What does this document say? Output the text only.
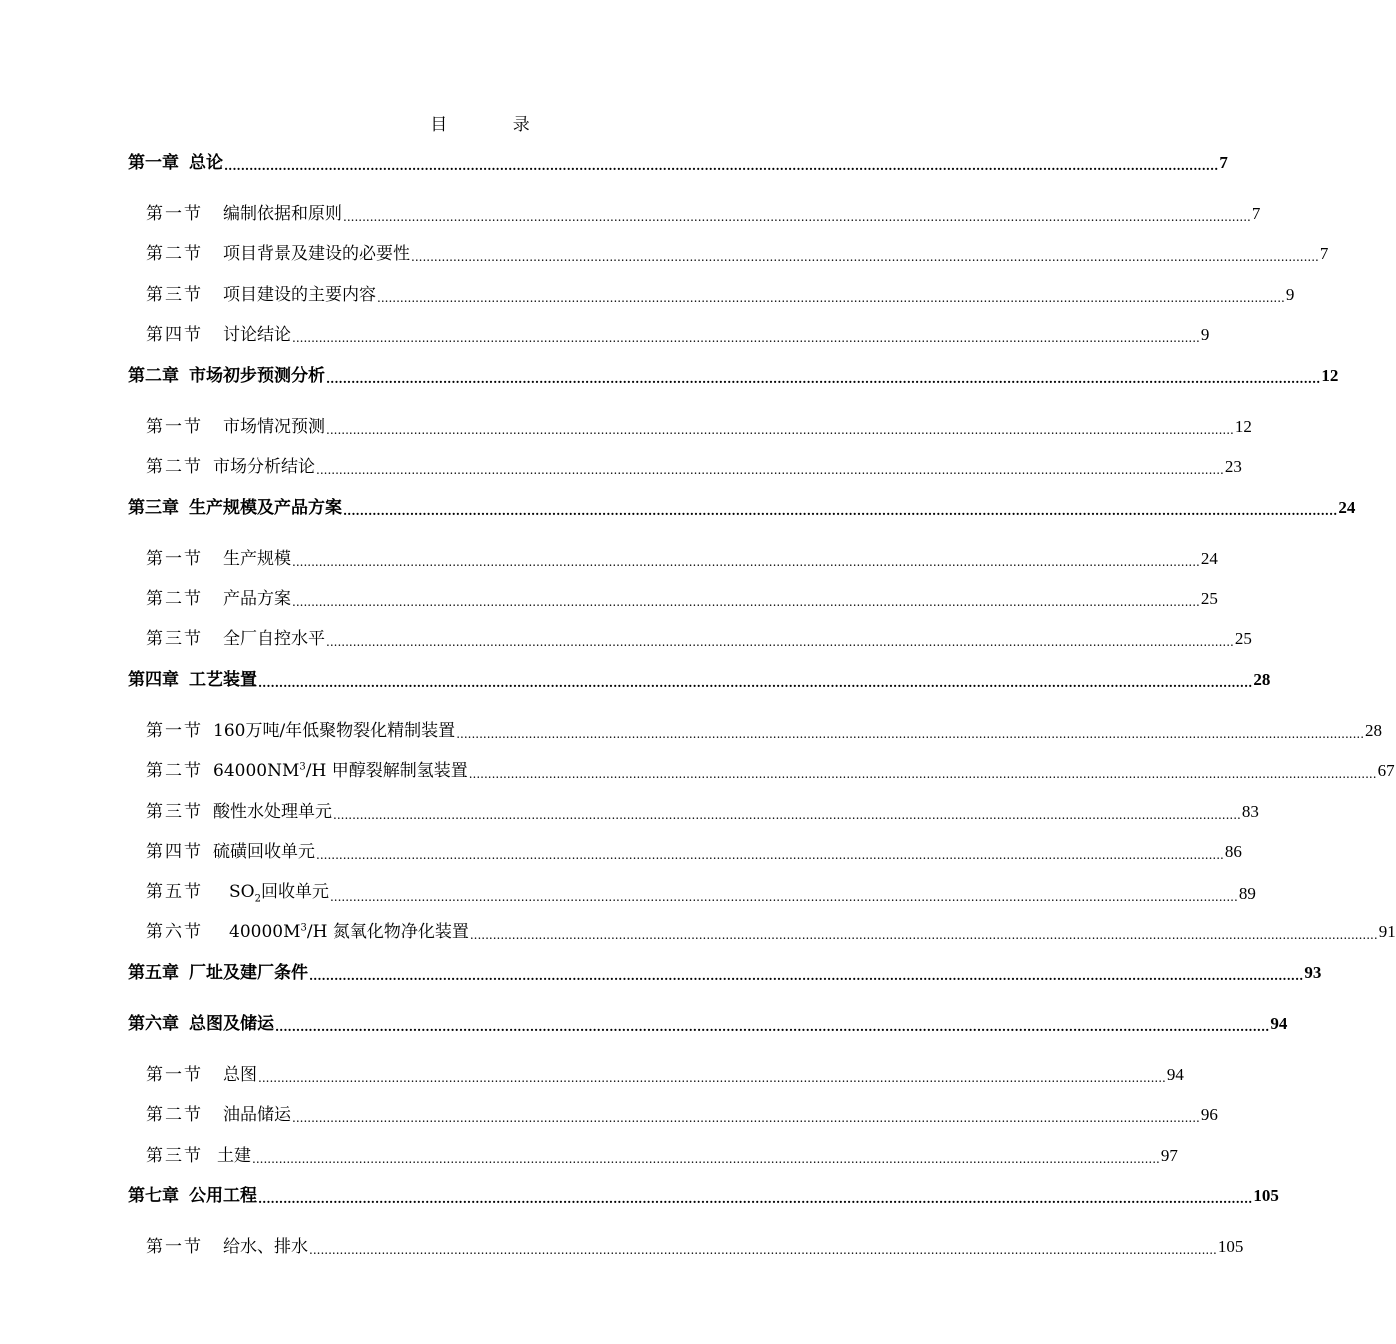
目 录
第一章 总论 .............................................................................................................................................................................................................................................. 7
第一节 编制依据和原则 .............................................................................................................................................................................................................................................. 7
第二节 项目背景及建设的必要性 .............................................................................................................................................................................................................................................. 7
第三节 项目建设的主要内容 .............................................................................................................................................................................................................................................. 9
第四节 讨论结论 .............................................................................................................................................................................................................................................. 9
第二章 市场初步预测分析 .............................................................................................................................................................................................................................................. 12
第一节 市场情况预测 .............................................................................................................................................................................................................................................. 12
第二节 市场分析结论 .............................................................................................................................................................................................................................................. 23
第三章 生产规模及产品方案 .............................................................................................................................................................................................................................................. 24
第一节 生产规模 .............................................................................................................................................................................................................................................. 24
第二节 产品方案 .............................................................................................................................................................................................................................................. 25
第三节 全厂自控水平 .............................................................................................................................................................................................................................................. 25
第四章 工艺装置 .............................................................................................................................................................................................................................................. 28
第一节 160万吨/年低聚物裂化精制装置 .............................................................................................................................................................................................................................................. 28
第二节 $64000NM^3/H$ 甲醇裂解制氢装置 .............................................................................................................................................................................................................................................. 67
第三节 酸性水处理单元 .............................................................................................................................................................................................................................................. 83
第四节 硫磺回收单元 .............................................................................................................................................................................................................................................. 86
第五节 $SO_2$回收单元 .............................................................................................................................................................................................................................................. 89
第六节 $40000M^3/H$ 氮氧化物净化装置 .............................................................................................................................................................................................................................................. 91
第五章 厂址及建厂条件 .............................................................................................................................................................................................................................................. 93
第六章 总图及储运 .............................................................................................................................................................................................................................................. 94
第一节 总图 .............................................................................................................................................................................................................................................. 94
第二节 油品储运 .............................................................................................................................................................................................................................................. 96
第三节 土建 .............................................................................................................................................................................................................................................. 97
第七章 公用工程 .............................................................................................................................................................................................................................................. 105
第一节 给水、排水 .............................................................................................................................................................................................................................................. 105
